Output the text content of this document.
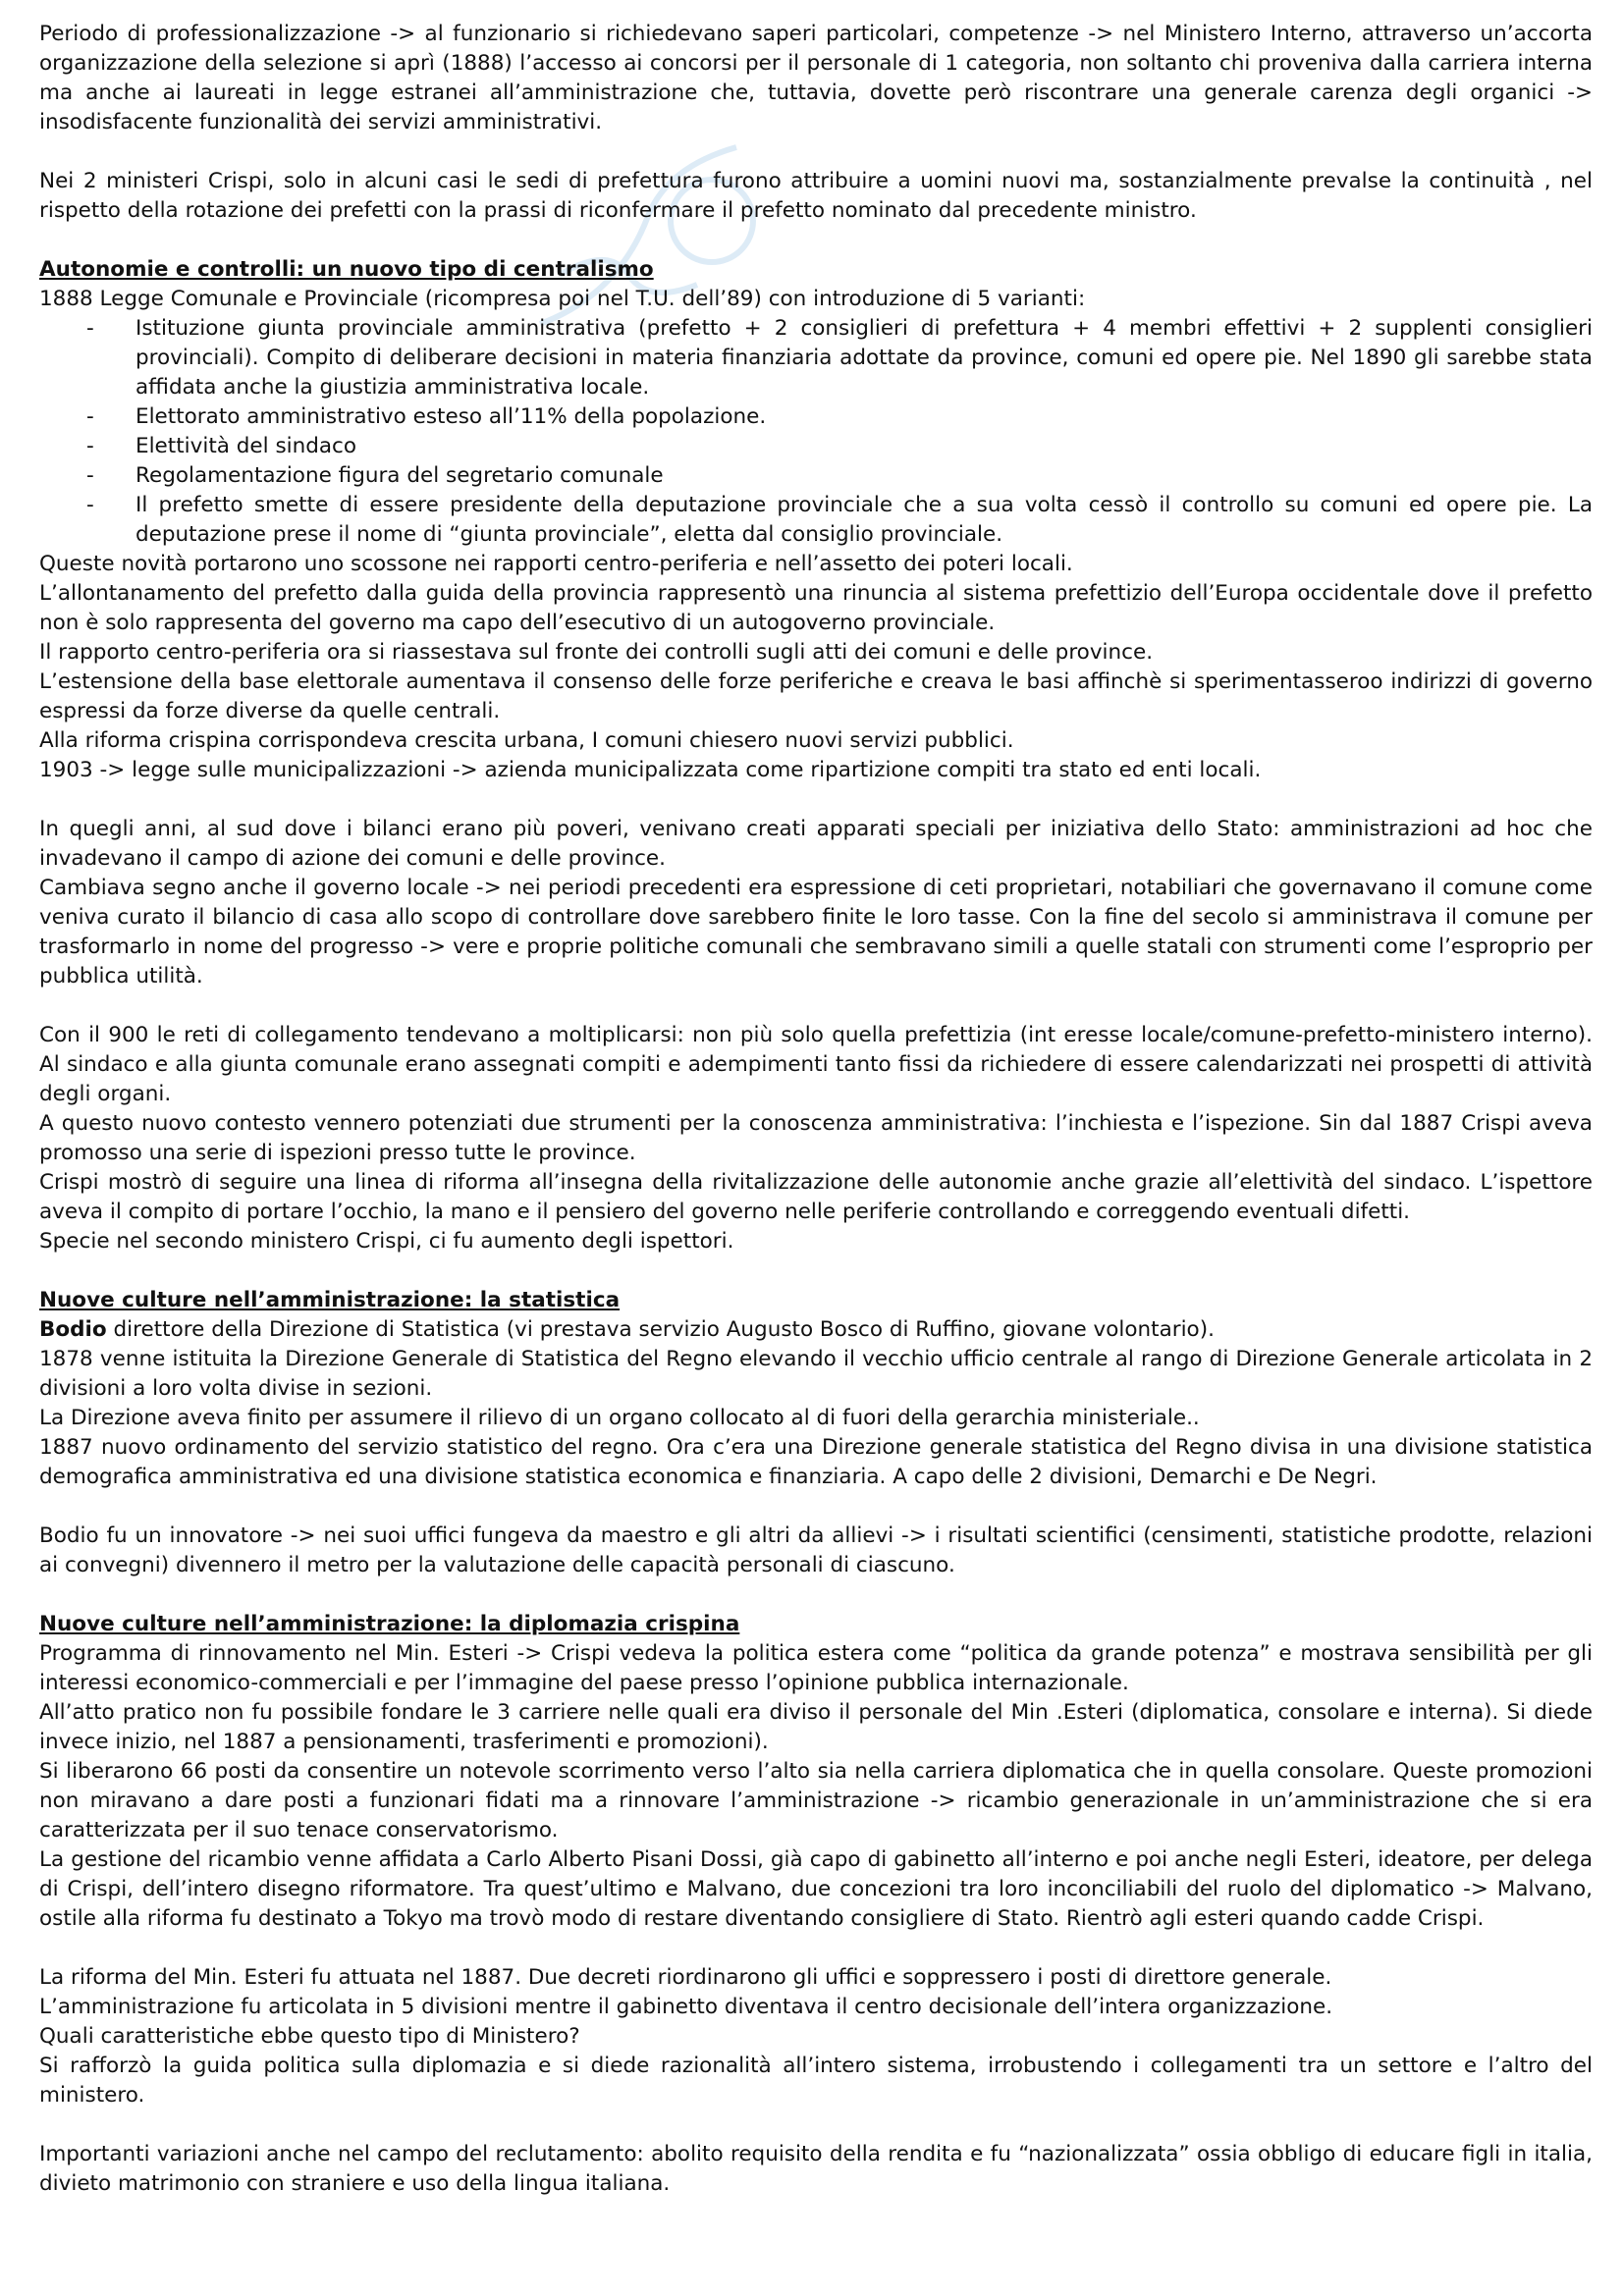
Periodo di professionalizzazione -> al funzionario si richiedevano saperi particolari, competenze -> nel Ministero Interno, attraverso un’accorta organizzazione della selezione si aprì (1888) l’accesso ai concorsi per il personale di 1 categoria, non soltanto chi proveniva dalla carriera interna ma anche ai laureati in legge estranei all’amministrazione che, tuttavia, dovette però riscontrare una generale carenza degli organici -> insodisfacente funzionalità dei servizi amministrativi.

Nei 2 ministeri Crispi, solo in alcuni casi le sedi di prefettura furono attribuire a uomini nuovi ma, sostanzialmente prevalse la continuità , nel rispetto della rotazione dei prefetti con la prassi di riconfermare il prefetto nominato dal precedente ministro.

Autonomie e controlli: un nuovo tipo di centralismo

1888 Legge Comunale e Provinciale (ricompresa poi nel T.U. dell’89) con introduzione di 5 varianti:

- Istituzione giunta provinciale amministrativa (prefetto + 2 consiglieri di prefettura + 4 membri effettivi + 2 supplenti consiglieri provinciali). Compito di deliberare decisioni in materia finanziaria adottate da province, comuni ed opere pie. Nel 1890 gli sarebbe stata affidata anche la giustizia amministrativa locale.
- Elettorato amministrativo esteso all’11% della popolazione.
- Elettività del sindaco
- Regolamentazione figura del segretario comunale
- Il prefetto smette di essere presidente della deputazione provinciale che a sua volta cessò il controllo su comuni ed opere pie. La deputazione prese il nome di “giunta provinciale”, eletta dal consiglio provinciale.

Queste novità portarono uno scossone nei rapporti centro-periferia e nell’assetto dei poteri locali.

L’allontanamento del prefetto dalla guida della provincia rappresentò una rinuncia al sistema prefettizio dell’Europa occidentale dove il prefetto non è solo rappresenta del governo ma capo dell’esecutivo di un autogoverno provinciale.

Il rapporto centro-periferia ora si riassestava sul fronte dei controlli sugli atti dei comuni e delle province.

L’estensione della base elettorale aumentava il consenso delle forze periferiche e creava le basi affinchè si sperimentasseroo indirizzi di governo espressi da forze diverse da quelle centrali.

Alla riforma crispina corrispondeva crescita urbana, I comuni chiesero nuovi servizi pubblici.

1903 -> legge sulle municipalizzazioni -> azienda municipalizzata come ripartizione compiti tra stato ed enti locali.

In quegli anni, al sud dove i bilanci erano più poveri, venivano creati apparati speciali per iniziativa dello Stato: amministrazioni ad hoc che invadevano il campo di azione dei comuni e delle province.

Cambiava segno anche il governo locale -> nei periodi precedenti era espressione di ceti proprietari, notabiliari che governavano il comune come veniva curato il bilancio di casa allo scopo di controllare dove sarebbero finite le loro tasse. Con la fine del secolo si amministrava il comune per trasformarlo in nome del progresso -> vere e proprie politiche comunali che sembravano simili a quelle statali con strumenti come l’esproprio per pubblica utilità.

Con il 900 le reti di collegamento tendevano a moltiplicarsi: non più solo quella prefettizia (int eresse locale/comune-prefetto-ministero interno). Al sindaco e alla giunta comunale erano assegnati compiti e adempimenti tanto fissi da richiedere di essere calendarizzati nei prospetti di attività degli organi.

A questo nuovo contesto vennero potenziati due strumenti per la conoscenza amministrativa: l’inchiesta e l’ispezione. Sin dal 1887 Crispi aveva promosso una serie di ispezioni presso tutte le province.

Crispi mostrò di seguire una linea di riforma all’insegna della rivitalizzazione delle autonomie anche grazie all’elettività del sindaco. L’ispettore aveva il compito di portare l’occhio, la mano e il pensiero del governo nelle periferie controllando e correggendo eventuali difetti.

Specie nel secondo ministero Crispi, ci fu aumento degli ispettori.

Nuove culture nell’amministrazione: la statistica

Bodio direttore della Direzione di Statistica (vi prestava servizio Augusto Bosco di Ruffino, giovane volontario).

1878 venne istituita la Direzione Generale di Statistica del Regno elevando il vecchio ufficio centrale al rango di Direzione Generale articolata in 2 divisioni a loro volta divise in sezioni.

La Direzione aveva finito per assumere il rilievo di un organo collocato al di fuori della gerarchia ministeriale..

1887 nuovo ordinamento del servizio statistico del regno. Ora c’era una Direzione generale statistica del Regno divisa in una divisione statistica demografica amministrativa ed una divisione statistica economica e finanziaria. A capo delle 2 divisioni, Demarchi e De Negri.

Bodio fu un innovatore -> nei suoi uffici fungeva da maestro e gli altri da allievi -> i risultati scientifici (censimenti, statistiche prodotte, relazioni ai convegni) divennero il metro per la valutazione delle capacità personali di ciascuno.

Nuove culture nell’amministrazione: la diplomazia crispina

Programma di rinnovamento nel Min. Esteri -> Crispi vedeva la politica estera come “politica da grande potenza” e mostrava sensibilità per gli interessi economico-commerciali e per l’immagine del paese presso l’opinione pubblica internazionale.

All’atto pratico non fu possibile fondare le 3 carriere nelle quali era diviso il personale del Min .Esteri (diplomatica, consolare e interna). Si diede invece inizio, nel 1887 a pensionamenti, trasferimenti e promozioni).

Si liberarono 66 posti da consentire un notevole scorrimento verso l’alto sia nella carriera diplomatica che in quella consolare. Queste promozioni non miravano a dare posti a funzionari fidati ma a rinnovare l’amministrazione -> ricambio generazionale in un’amministrazione che si era caratterizzata per il suo tenace conservatorismo.

La gestione del ricambio venne affidata a Carlo Alberto Pisani Dossi, già capo di gabinetto all’interno e poi anche negli Esteri, ideatore, per delega di Crispi, dell’intero disegno riformatore. Tra quest’ultimo e Malvano, due concezioni tra loro inconciliabili del ruolo del diplomatico -> Malvano, ostile alla riforma fu destinato a Tokyo ma trovò modo di restare diventando consigliere di Stato. Rientrò agli esteri quando cadde Crispi.

La riforma del Min. Esteri fu attuata nel 1887. Due decreti riordinarono gli uffici e soppressero i posti di direttore generale.

L’amministrazione fu articolata in 5 divisioni mentre il gabinetto diventava il centro decisionale dell’intera organizzazione.

Quali caratteristiche ebbe questo tipo di Ministero?

Si rafforzò la guida politica sulla diplomazia e si diede razionalità all’intero sistema, irrobustendo i collegamenti tra un settore e l’altro del ministero.

Importanti variazioni anche nel campo del reclutamento: abolito requisito della rendita e fu “nazionalizzata” ossia obbligo di educare figli in italia, divieto matrimonio con straniere e uso della lingua italiana.
